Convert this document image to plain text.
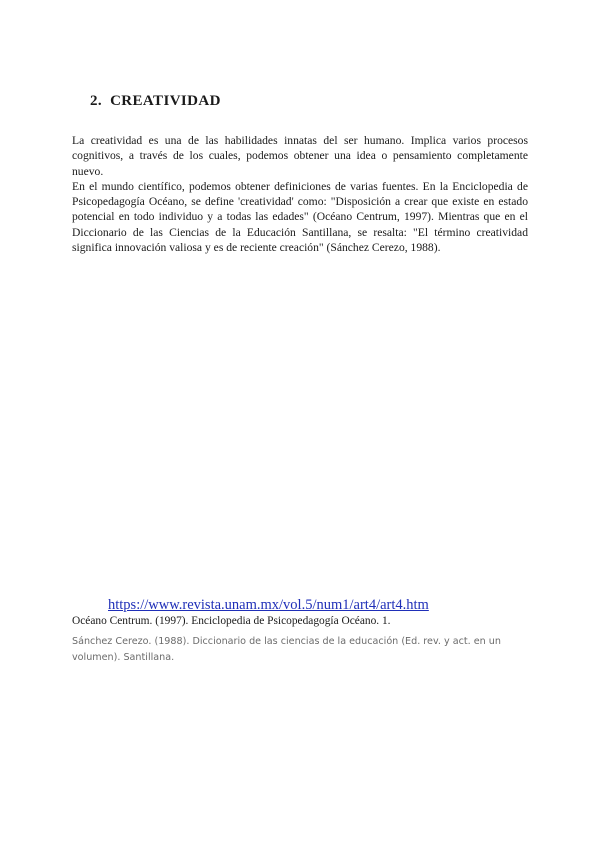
2. CREATIVIDAD

La creatividad es una de las habilidades innatas del ser humano. Implica varios procesos cognitivos, a través de los cuales, podemos obtener una idea o pensamiento completamente nuevo.

En el mundo científico, podemos obtener definiciones de varias fuentes. En la Enciclopedia de Psicopedagogía Océano, se define 'creatividad' como: "Disposición a crear que existe en estado potencial en todo individuo y a todas las edades" (Océano Centrum, 1997). Mientras que en el Diccionario de las Ciencias de la Educación Santillana, se resalta: "El término creatividad significa innovación valiosa y es de reciente creación" (Sánchez Cerezo, 1988).

https://www.revista.unam.mx/vol.5/num1/art4/art4.htm
Océano Centrum. (1997). Enciclopedia de Psicopedagogía Océano. 1.

Sánchez Cerezo. (1988). Diccionario de las ciencias de la educación (Ed. rev. y act. en un volumen). Santillana.
